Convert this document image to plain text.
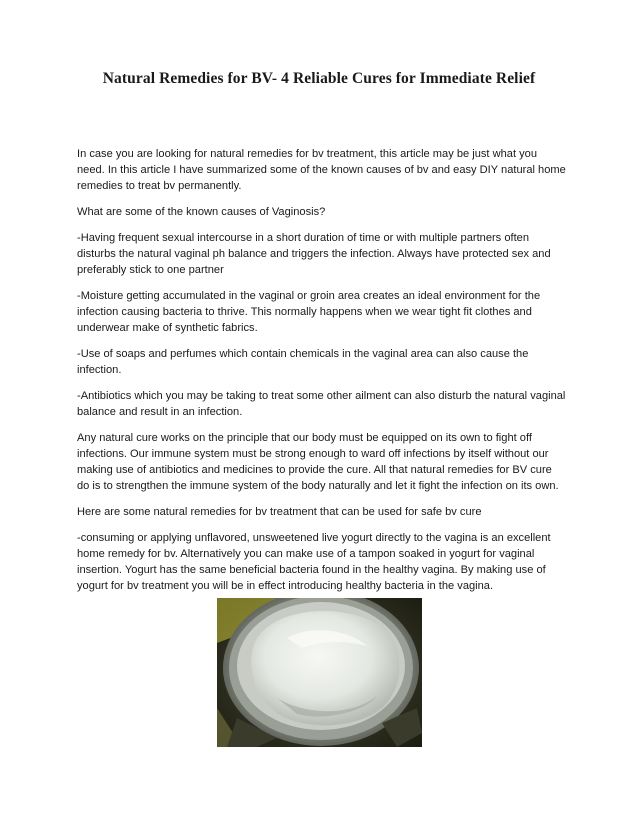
Natural Remedies for BV- 4 Reliable Cures for Immediate Relief

In case you are looking for natural remedies for bv treatment, this article may be just what you need. In this article I have summarized some of the known causes of bv and easy DIY natural home remedies to treat bv permanently.

What are some of the known causes of Vaginosis?

-Having frequent sexual intercourse in a short duration of time or with multiple partners often disturbs the natural vaginal ph balance and triggers the infection. Always have protected sex and preferably stick to one partner

-Moisture getting accumulated in the vaginal or groin area creates an ideal environment for the infection causing bacteria to thrive. This normally happens when we wear tight fit clothes and underwear make of synthetic fabrics.

-Use of soaps and perfumes which contain chemicals in the vaginal area can also cause the infection.

-Antibiotics which you may be taking to treat some other ailment can also disturb the natural vaginal balance and result in an infection.

Any natural cure works on the principle that our body must be equipped on its own to fight off infections. Our immune system must be strong enough to ward off infections by itself without our making use of antibiotics and medicines to provide the cure. All that natural remedies for BV cure do is to strengthen the immune system of the body naturally and let it fight the infection on its own.

Here are some natural remedies for bv treatment that can be used for safe bv cure

-consuming or applying unflavored, unsweetened live yogurt directly to the vagina is an excellent home remedy for bv. Alternatively you can make use of a tampon soaked in yogurt for vaginal insertion. Yogurt has the same beneficial bacteria found in the healthy vagina. By making use of yogurt for bv treatment you will be in effect introducing healthy bacteria in the vagina.
